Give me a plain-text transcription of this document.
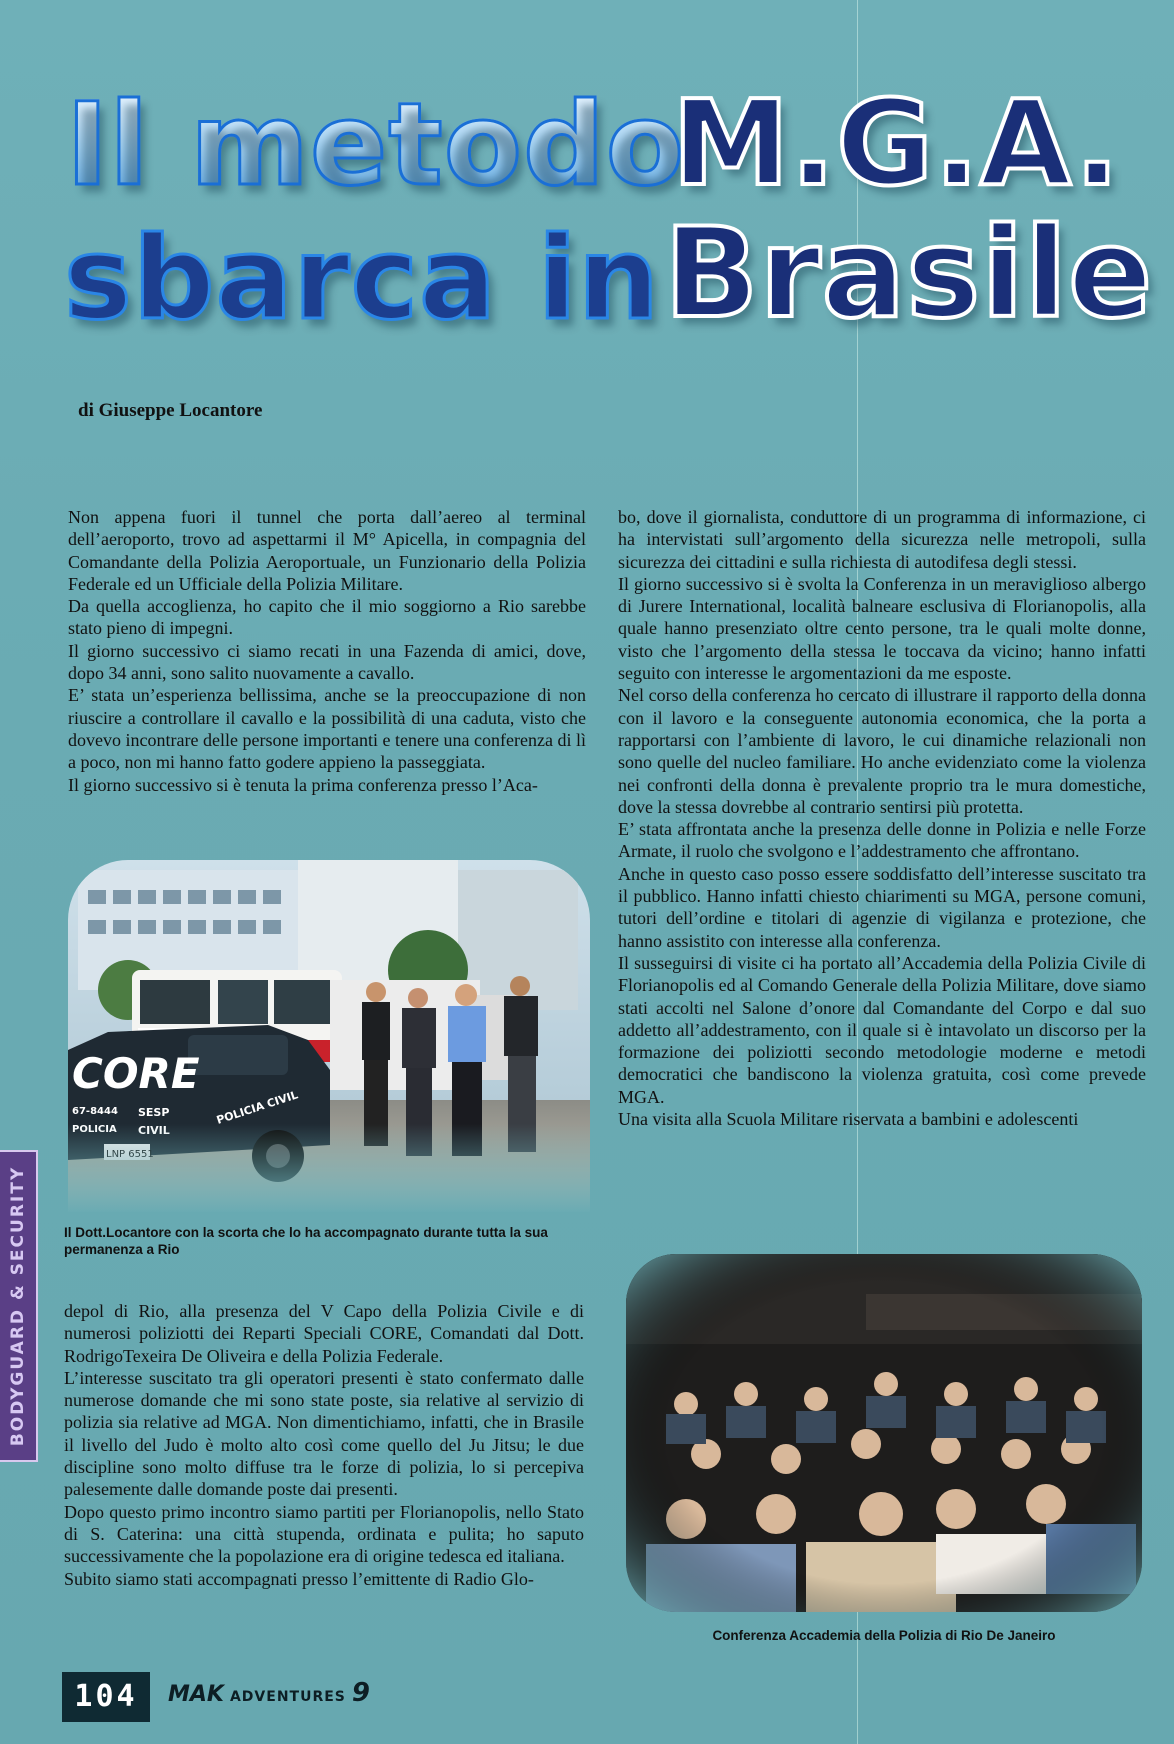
Il metodo
M.G.A.
sbarca in Brasile
di Giuseppe Locantore

Non appena fuori il tunnel che porta dall’aereo al terminal dell’aeroporto, trovo ad aspettarmi il M° Apicella, in compagnia del Comandante della Polizia Aeroportuale, un Funzionario della Polizia Federale ed un Ufficiale della Polizia Militare.

Da quella accoglienza, ho capito che il mio soggiorno a Rio sarebbe stato pieno di impegni.

Il giorno successivo ci siamo recati in una Fazenda di amici, dove, dopo 34 anni, sono salito nuovamente a cavallo.

E’ stata un’esperienza bellissima, anche se la preoccupazione di non riuscire a controllare il cavallo e la possibilità di una caduta, visto che dovevo incontrare delle persone importanti e tenere una conferenza di lì a poco, non mi hanno fatto godere appieno la passeggiata.

Il giorno successivo si è tenuta la prima conferenza presso l’Aca-

Il Dott.Locantore con la scorta che lo ha accompagnato durante tutta la sua permanenza a Rio

depol di Rio, alla presenza del V Capo della Polizia Civile e di numerosi poliziotti dei Reparti Speciali CORE, Comandati dal Dott. RodrigoTexeira De Oliveira e della Polizia Federale.

L’interesse suscitato tra gli operatori presenti è stato confermato dalle numerose domande che mi sono state poste, sia relative al servizio di polizia sia relative ad MGA. Non dimentichiamo, infatti, che in Brasile il livello del Judo è molto alto così come quello del Ju Jitsu; le due discipline sono molto diffuse tra le forze di polizia, lo si percepiva palesemente dalle domande poste dai presenti.

Dopo questo primo incontro siamo partiti per Florianopolis, nello Stato di S. Caterina: una città stupenda, ordinata e pulita; ho saputo successivamente che la popolazione era di origine tedesca ed italiana.

Subito siamo stati accompagnati presso l’emittente di Radio Glo-

bo, dove il giornalista, conduttore di un programma di informazione, ci ha intervistati sull’argomento della sicurezza nelle metropoli, sulla sicurezza dei cittadini e sulla richiesta di autodifesa degli stessi.

Il giorno successivo si è svolta la Conferenza in un meraviglioso albergo di Jurere International, località balneare esclusiva di Florianopolis, alla quale hanno presenziato oltre cento persone, tra le quali molte donne, visto che l’argomento della stessa le toccava da vicino; hanno infatti seguito con interesse le argomentazioni da me esposte.

Nel corso della conferenza ho cercato di illustrare il rapporto della donna con il lavoro e la conseguente autonomia economica, che la porta a rapportarsi con l’ambiente di lavoro, le cui dinamiche relazionali non sono quelle del nucleo familiare. Ho anche evidenziato come la violenza nei confronti della donna è prevalente proprio tra le mura domestiche, dove la stessa dovrebbe al contrario sentirsi più protetta.

E’ stata affrontata anche la presenza delle donne in Polizia e nelle Forze Armate, il ruolo che svolgono e l’addestramento che affrontano.

Anche in questo caso posso essere soddisfatto dell’interesse suscitato tra il pubblico. Hanno infatti chiesto chiarimenti su MGA, persone comuni, tutori dell’ordine e titolari di agenzie di vigilanza e protezione, che hanno assistito con interesse alla conferenza.

Il susseguirsi di visite ci ha portato all’Accademia della Polizia Civile di Florianopolis ed al Comando Generale della Polizia Militare, dove siamo stati accolti nel Salone d’onore dal Comandante del Corpo e dal suo addetto all’addestramento, con il quale si è intavolato un discorso per la formazione dei poliziotti secondo metodologie moderne e metodi democratici che bandiscono la violenza gratuita, così come prevede MGA.

Una visita alla Scuola Militare riservata a bambini e adolescenti

Conferenza Accademia della Polizia di Rio De Janeiro
BODYGUARD & SECURITY
104	MAK ADVENTURES 9
